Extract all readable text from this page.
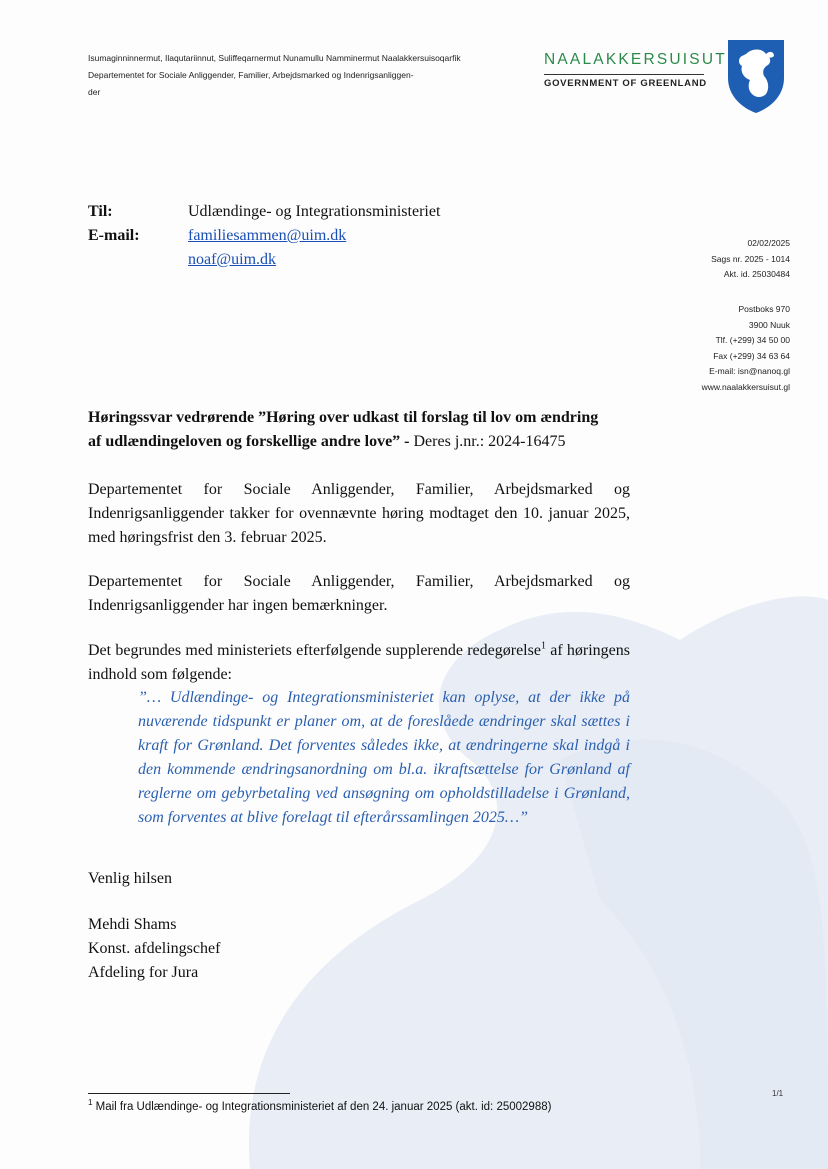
Isumaginninnermut, Ilaqutariinnut, Suliffeqarnermut Nunamullu Namminermut Naalakkersuisoqarfik
Departementet for Sociale Anliggender, Familier, Arbejdsmarked og Indenrigsanliggen-
der
NAALAKKERSUISUT
GOVERNMENT OF GREENLAND
Til:	Udlændinge- og Integrationsministeriet
E-mail:	familiesammen@uim.dk
noaf@uim.dk
02/02/2025
Sags nr. 2025 - 1014
Akt. id. 25030484
Postboks 970
3900 Nuuk
Tlf. (+299) 34 50 00
Fax (+299) 34 63 64
E-mail: isn@nanoq.gl
www.naalakkersuisut.gl
Høringssvar vedrørende ”Høring over udkast til forslag til lov om ændring
af udlændingeloven og forskellige andre love” - Deres j.nr.: 2024-16475
Departementet for Sociale Anliggender, Familier, Arbejdsmarked og Indenrigsanliggender takker for ovennævnte høring modtaget den 10. januar 2025, med høringsfrist den 3. februar 2025.
Departementet for Sociale Anliggender, Familier, Arbejdsmarked og Indenrigsanliggender har ingen bemærkninger.
Det begrundes med ministeriets efterfølgende supplerende redegørelse$^1$ af høringens indhold som følgende:
”… Udlændinge- og Integrationsministeriet kan oplyse, at der ikke på nuværende tidspunkt er planer om, at de foreslåede ændringer skal sættes i kraft for Grønland. Det forventes således ikke, at ændringerne skal indgå i den kommende ændringsanordning om bl.a. ikraftsættelse for Grønland af reglerne om gebyrbetaling ved ansøgning om opholdstilladelse i Grønland, som forventes at blive forelagt til efterårssamlingen 2025…”
Venlig hilsen
Mehdi Shams
Konst. afdelingschef
Afdeling for Jura
1/1
$^1$ Mail fra Udlændinge- og Integrationsministeriet af den 24. januar 2025 (akt. id: 25002988)
